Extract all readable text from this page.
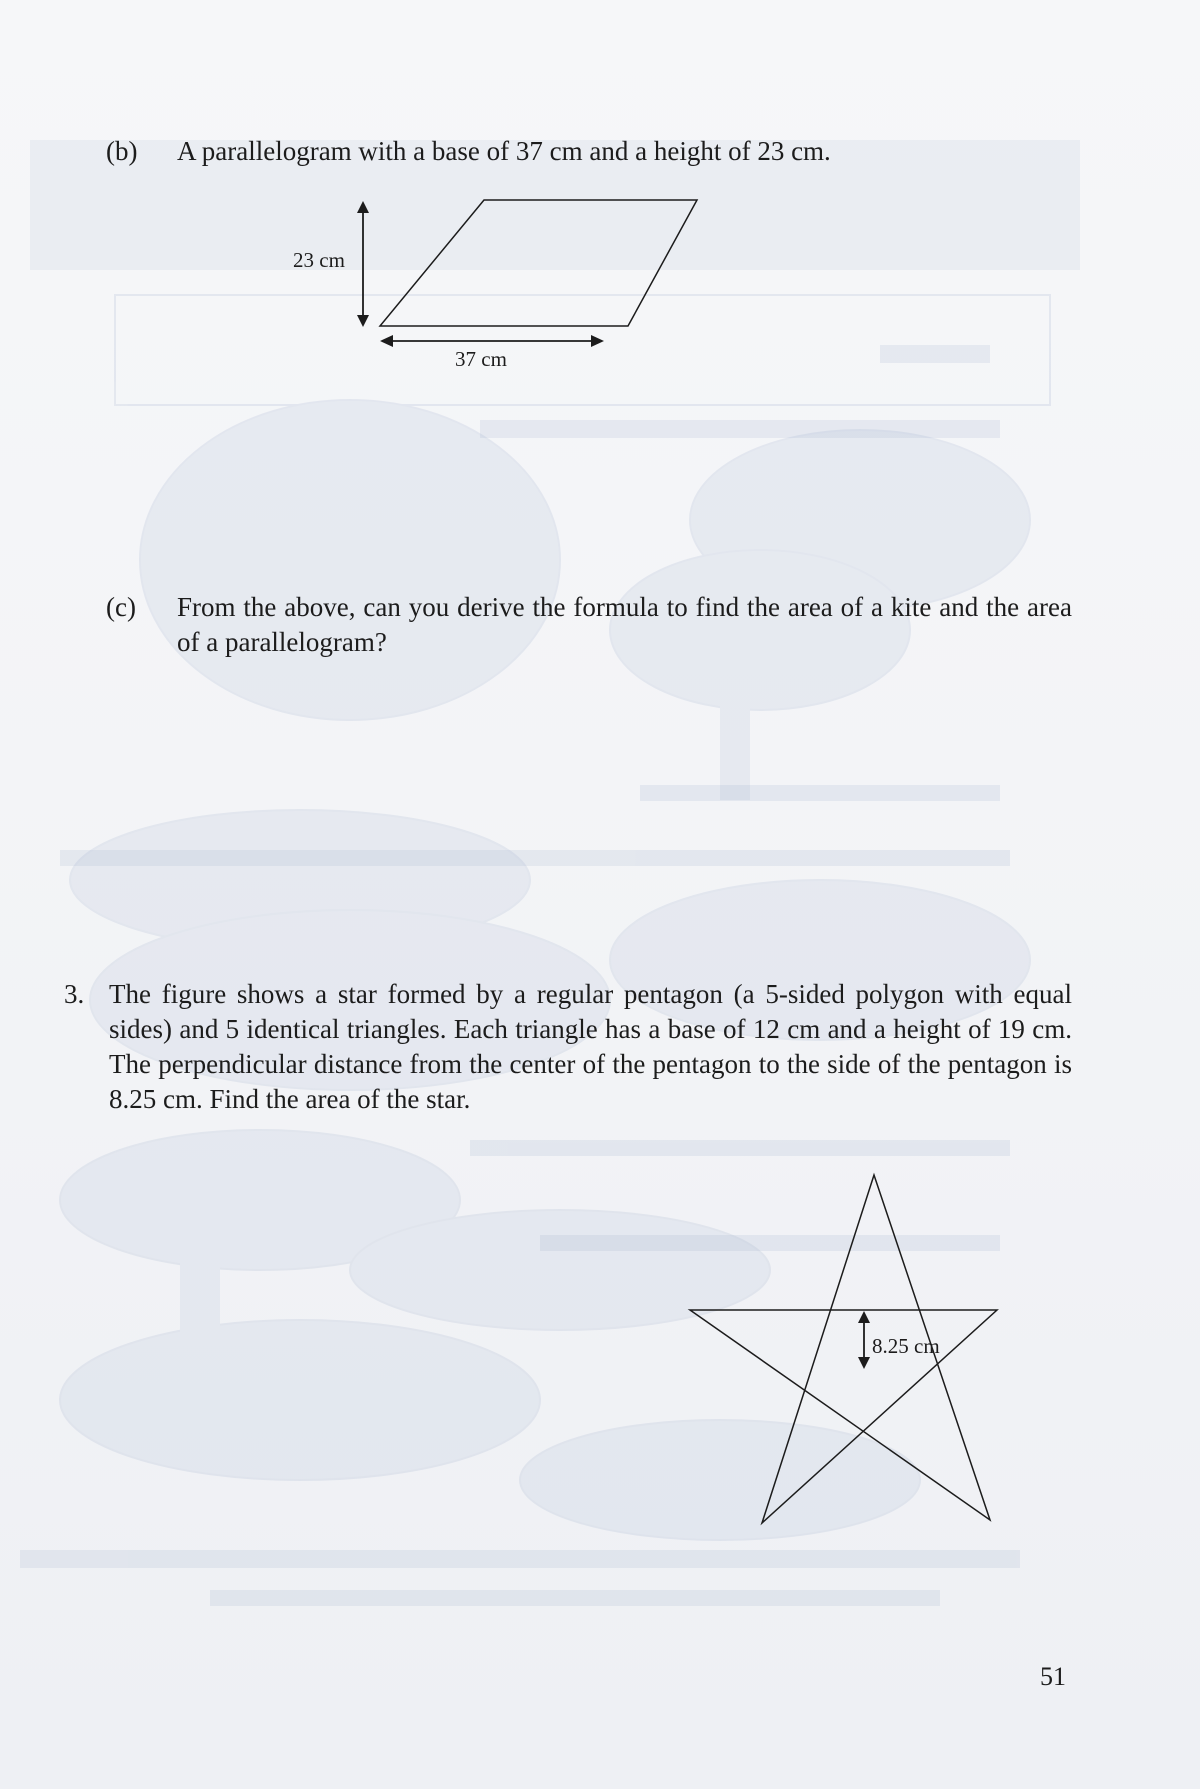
(b) A parallelogram with a base of 37 cm and a height of 23 cm.
23 cm
37 cm
(c) From the above, can you derive the formula to find the area of a kite and the area of a parallelogram?
3. The figure shows a star formed by a regular pentagon (a 5-sided polygon with equal sides) and 5 identical triangles. Each triangle has a base of 12 cm and a height of 19 cm. The perpendicular distance from the center of the pentagon to the side of the pentagon is 8.25 cm. Find the area of the star.
8.25 cm
51
